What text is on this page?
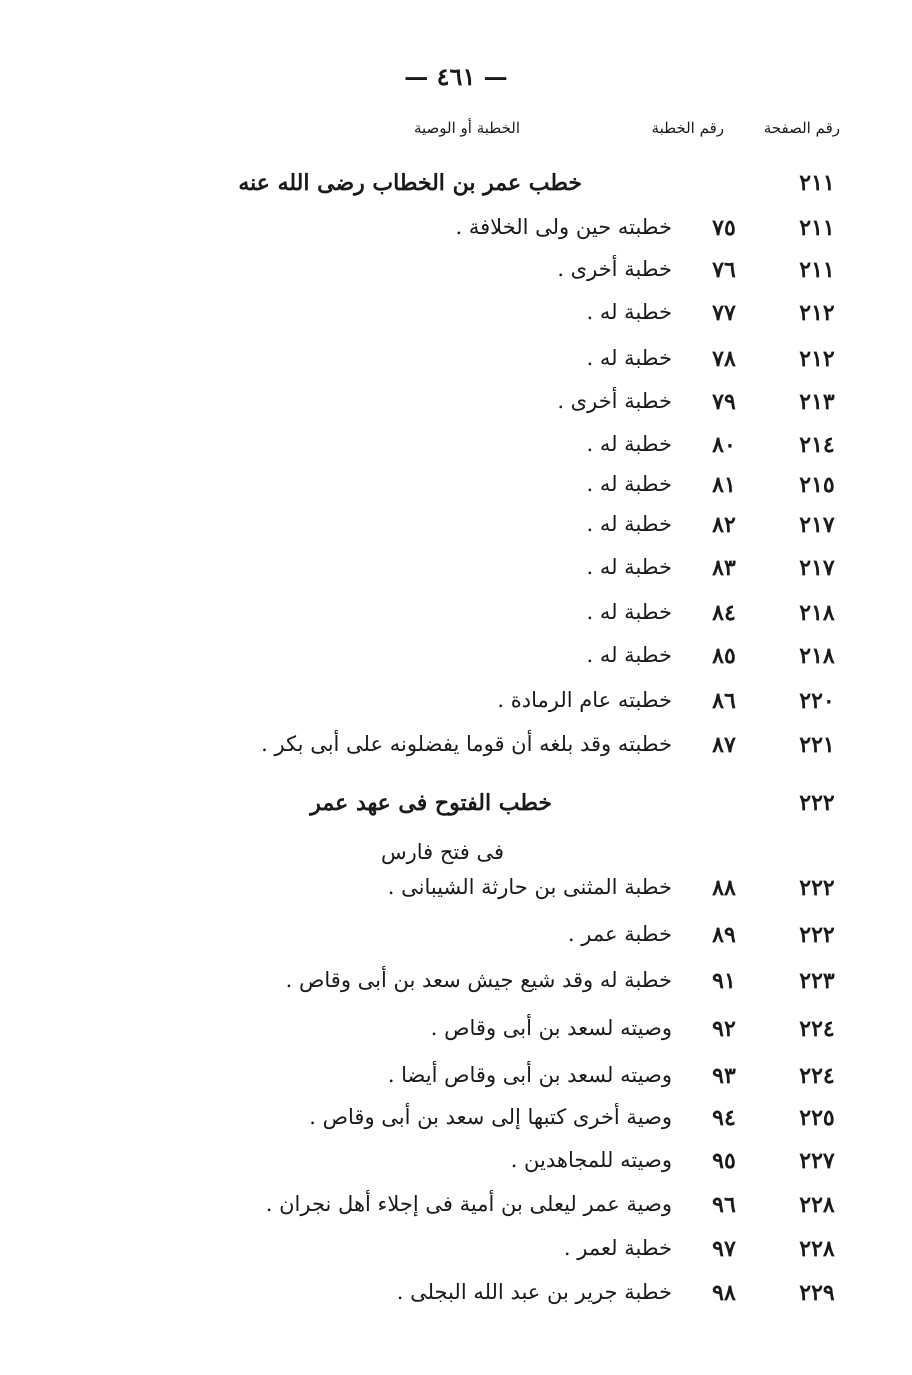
— ٤٦١ —
رقم الصفحة
رقم الخطبة
الخطبة أو الوصية
٢١١
خطب عمر بن الخطاب رضى الله عنه
٢١١
٧٥
خطبته حين ولى الخلافة .
٢١١
٧٦
خطبة أخرى .
٢١٢
٧٧
خطبة له .
٢١٢
٧٨
خطبة له .
٢١٣
٧٩
خطبة أخرى .
٢١٤
٨٠
خطبة له .
٢١٥
٨١
خطبة له .
٢١٧
٨٢
خطبة له .
٢١٧
٨٣
خطبة له .
٢١٨
٨٤
خطبة له .
٢١٨
٨٥
خطبة له .
٢٢٠
٨٦
خطبته عام الرمادة .
٢٢١
٨٧
خطبته وقد بلغه أن قوما يفضلونه على أبى بكر .
٢٢٢
خطب الفتوح فى عهد عمر
فى فتح فارس
٢٢٢
٨٨
خطبة المثنى بن حارثة الشيبانى .
٢٢٢
٨٩
خطبة عمر .
٢٢٣
٩١
خطبة له وقد شيع جيش سعد بن أبى وقاص .
٢٢٤
٩٢
وصيته لسعد بن أبى وقاص .
٢٢٤
٩٣
وصيته لسعد بن أبى وقاص أيضا .
٢٢٥
٩٤
وصية أخرى كتبها إلى سعد بن أبى وقاص .
٢٢٧
٩٥
وصيته للمجاهدين .
٢٢٨
٩٦
وصية عمر ليعلى بن أمية فى إجلاء أهل نجران .
٢٢٨
٩٧
خطبة لعمر .
٢٢٩
٩٨
خطبة جرير بن عبد الله البجلى .
